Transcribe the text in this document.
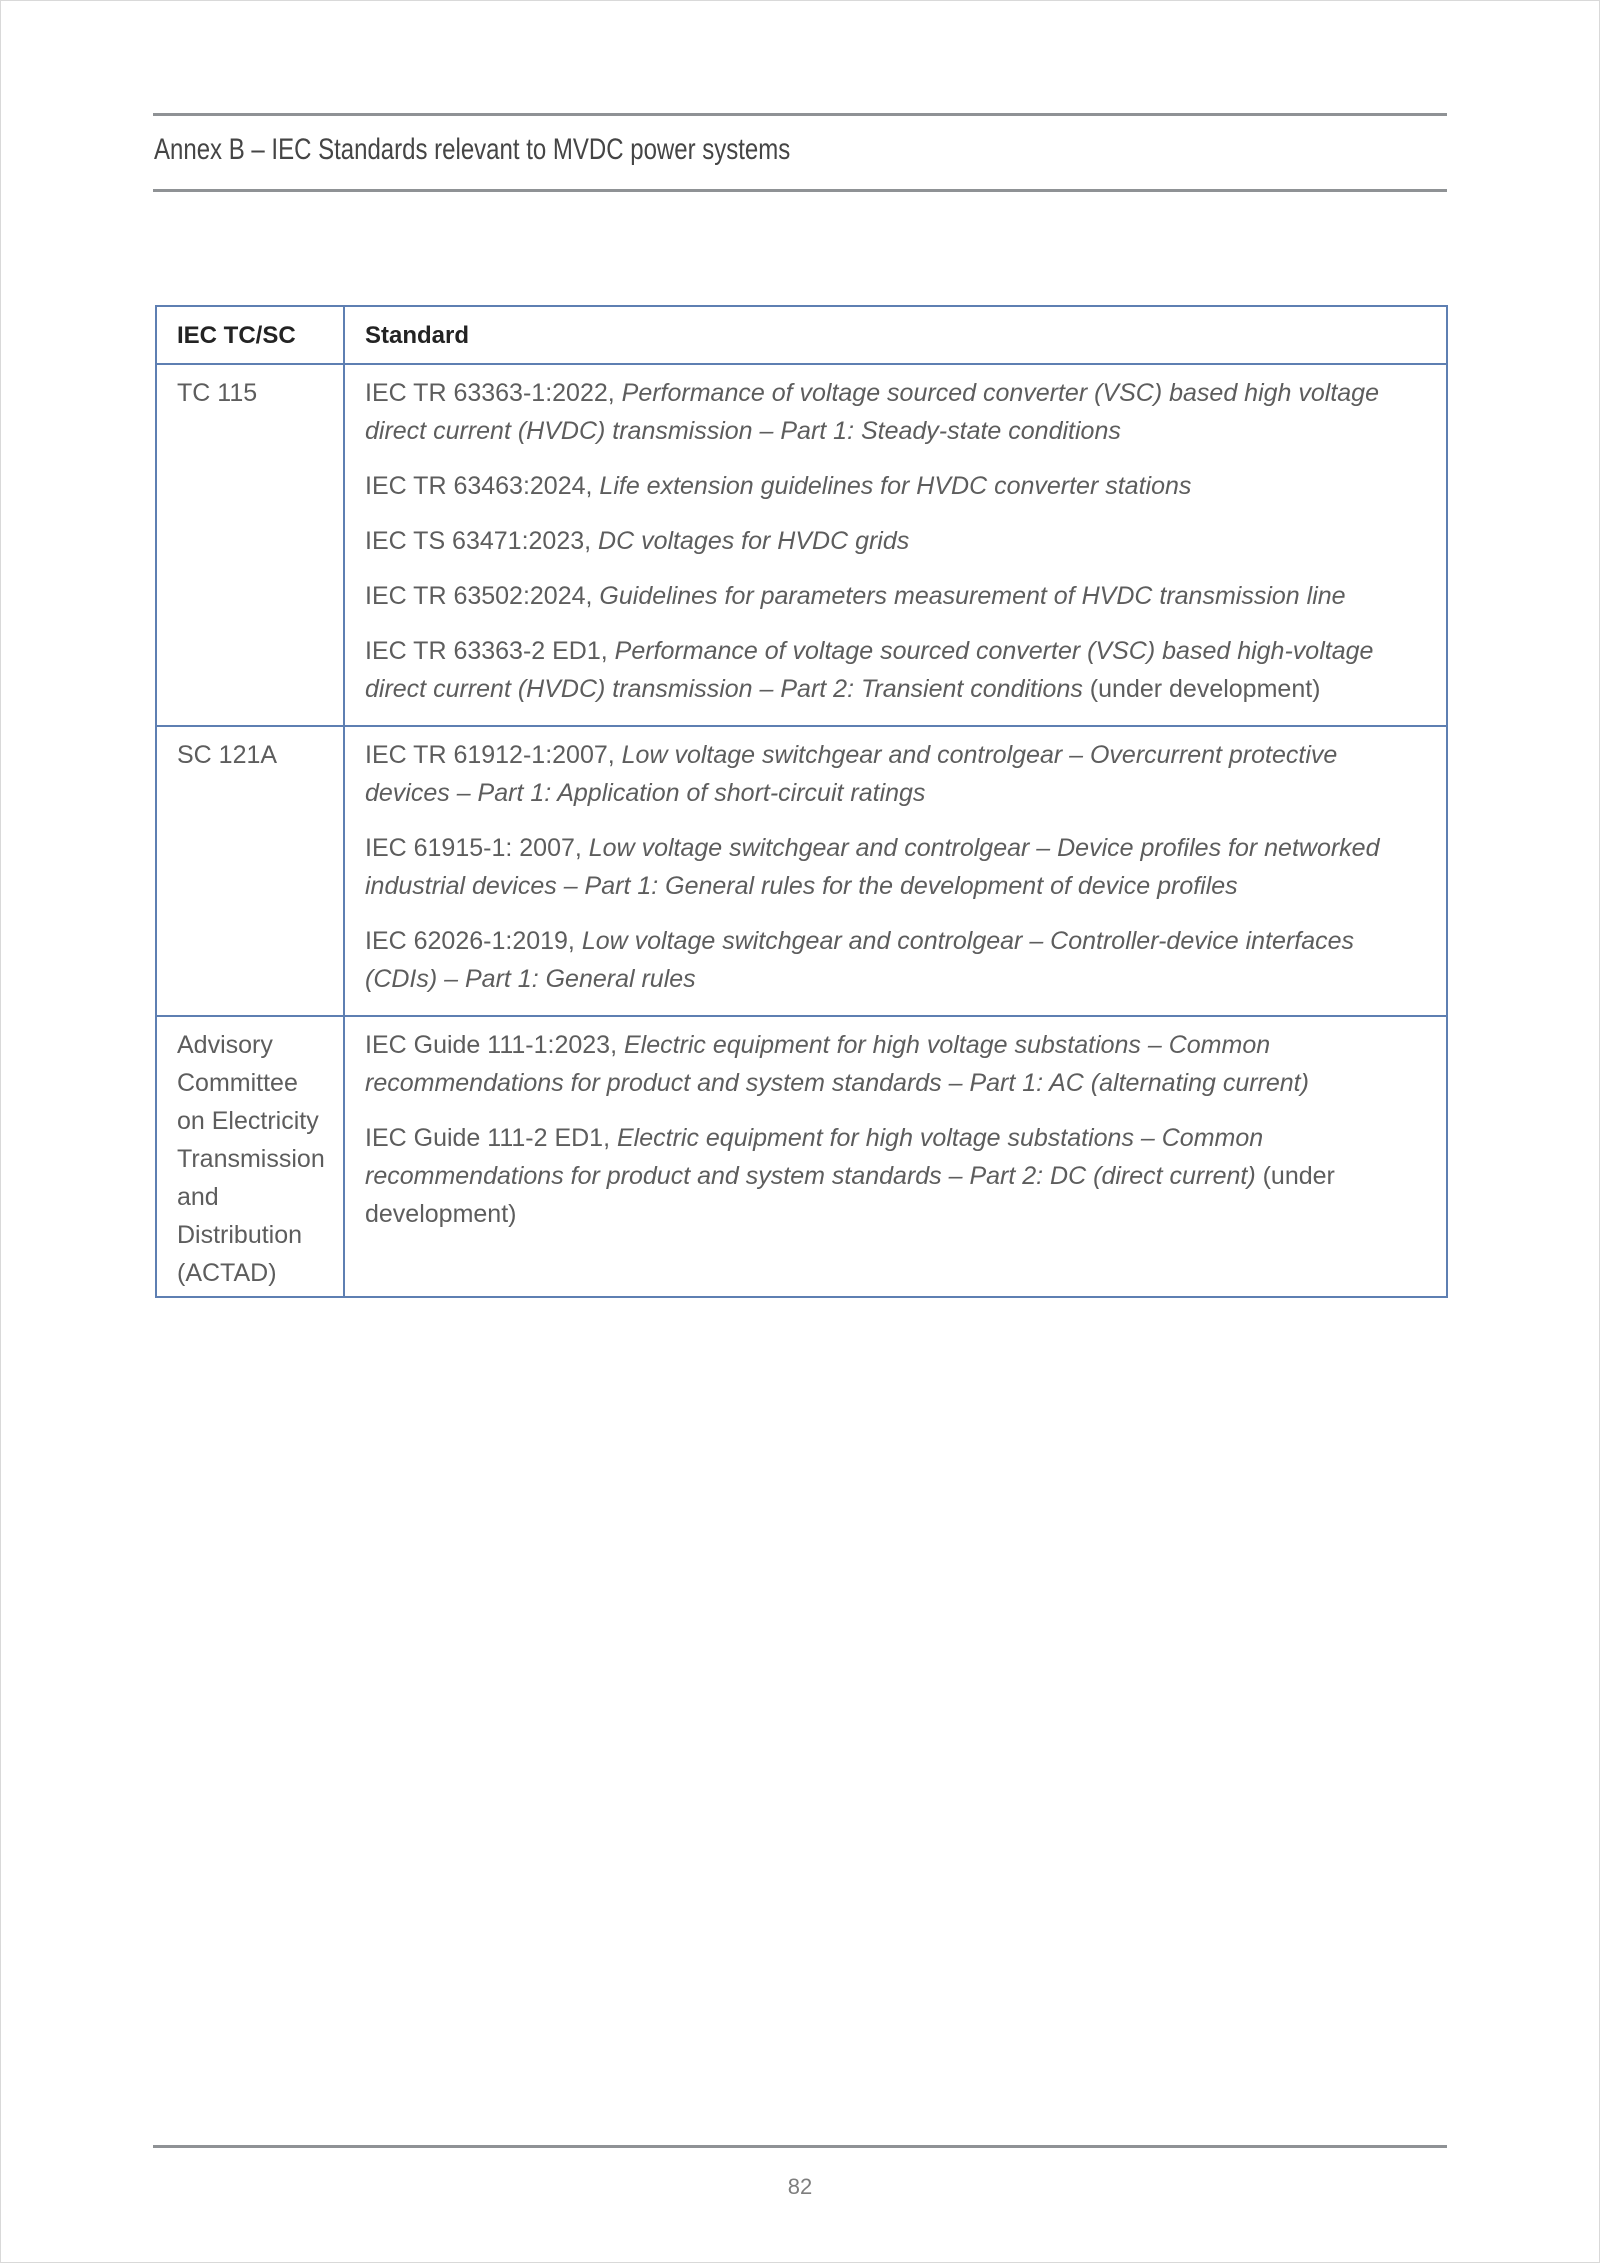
Annex B – IEC Standards relevant to MVDC power systems
IEC TC/SC	Standard
TC 115	IEC TR 63363-1:2022, Performance of voltage sourced converter (VSC) based high voltage direct current (HVDC) transmission – Part 1: Steady-state conditions

IEC TR 63463:2024, Life extension guidelines for HVDC converter stations

IEC TS 63471:2023, DC voltages for HVDC grids

IEC TR 63502:2024, Guidelines for parameters measurement of HVDC transmission line

IEC TR 63363-2 ED1, Performance of voltage sourced converter (VSC) based high-voltage direct current (HVDC) transmission – Part 2: Transient conditions (under development)

SC 121A	IEC TR 61912-1:2007, Low voltage switchgear and controlgear – Overcurrent protective devices – Part 1: Application of short-circuit ratings

IEC 61915-1: 2007, Low voltage switchgear and controlgear – Device profiles for networked industrial devices – Part 1: General rules for the development of device profiles

IEC 62026-1:2019, Low voltage switchgear and controlgear – Controller-device interfaces (CDIs) – Part 1: General rules

Advisory Committee on Electricity Transmission and Distribution (ACTAD)	IEC Guide 111-1:2023, Electric equipment for high voltage substations – Common recommendations for product and system standards – Part 1: AC (alternating current)

IEC Guide 111-2 ED1, Electric equipment for high voltage substations – Common recommendations for product and system standards – Part 2: DC (direct current) (under development)

82
